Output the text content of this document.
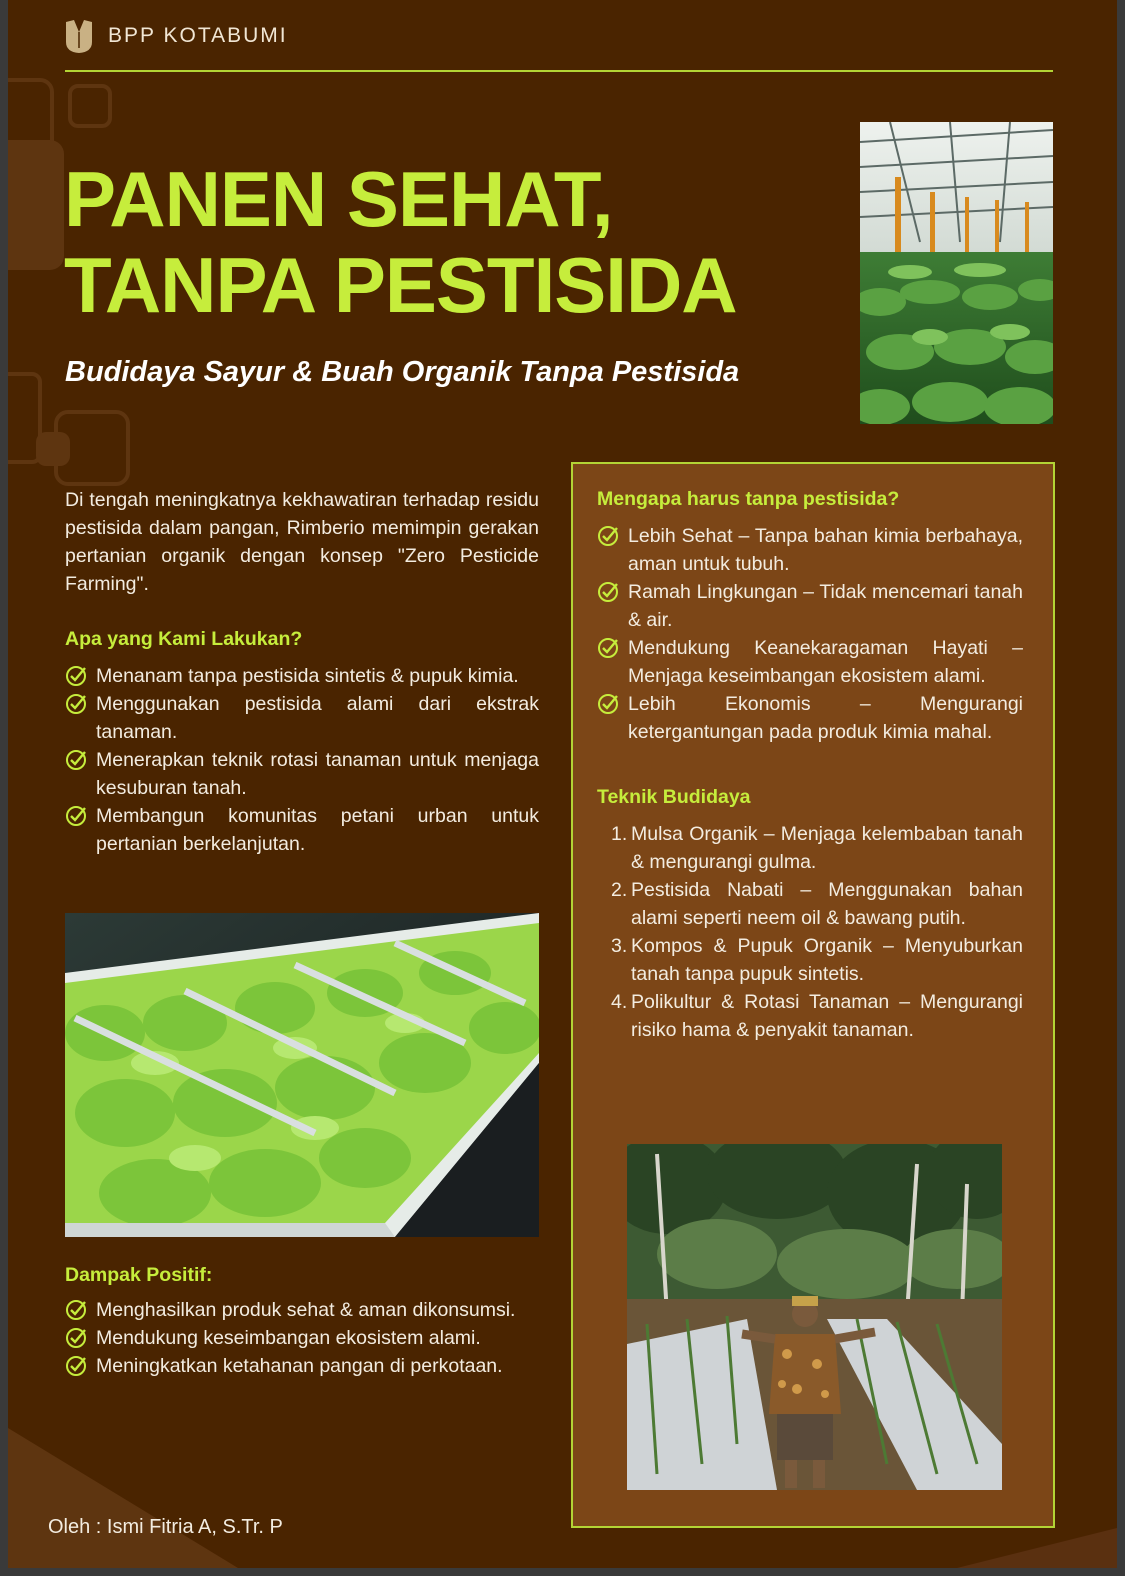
BPP KOTABUMI
PANEN SEHAT,
TANPA PESTISIDA
Budidaya Sayur & Buah Organik Tanpa Pestisida

Di tengah meningkatnya kekhawatiran terhadap residu pestisida dalam pangan, Rimberio memimpin gerakan pertanian organik dengan konsep "Zero Pesticide Farming".

Apa yang Kami Lakukan?
Menanam tanpa pestisida sintetis & pupuk kimia.
Menggunakan pestisida alami dari ekstrak tanaman.
Menerapkan teknik rotasi tanaman untuk menjaga kesuburan tanah.
Membangun komunitas petani urban untuk pertanian berkelanjutan.
Dampak Positif:
Menghasilkan produk sehat & aman dikonsumsi.
Mendukung keseimbangan ekosistem alami.
Meningkatkan ketahanan pangan di perkotaan.
Mengapa harus tanpa pestisida?
Lebih Sehat – Tanpa bahan kimia berbahaya, aman untuk tubuh.
Ramah Lingkungan – Tidak mencemari tanah & air.
Mendukung Keanekaragaman Hayati – Menjaga keseimbangan ekosistem alami.
Lebih Ekonomis – Mengurangi ketergantungan pada produk kimia mahal.
Teknik Budidaya
1. Mulsa Organik – Menjaga kelembaban tanah & mengurangi gulma.
2. Pestisida Nabati – Menggunakan bahan alami seperti neem oil & bawang putih.
3. Kompos & Pupuk Organik – Menyuburkan tanah tanpa pupuk sintetis.
4. Polikultur & Rotasi Tanaman – Mengurangi risiko hama & penyakit tanaman.
Oleh : Ismi Fitria A, S.Tr. P
